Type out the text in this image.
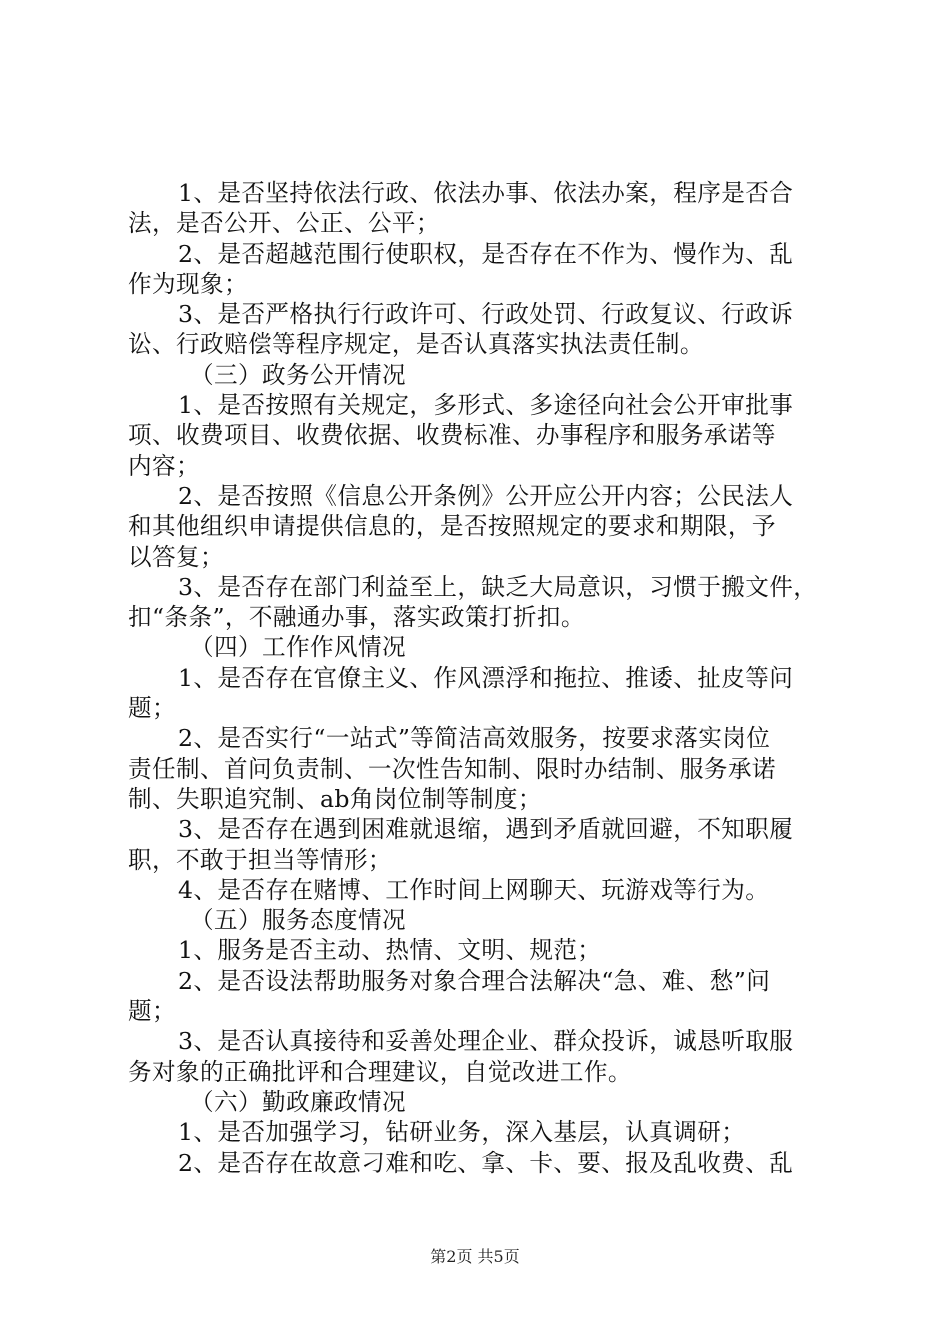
1、是否坚持依法行政、依法办事、依法办案，程序是否合
法，是否公开、公正、公平；
2、是否超越范围行使职权，是否存在不作为、慢作为、乱
作为现象；
3、是否严格执行行政许可、行政处罚、行政复议、行政诉
讼、行政赔偿等程序规定，是否认真落实执法责任制。
（三）政务公开情况
1、是否按照有关规定，多形式、多途径向社会公开审批事
项、收费项目、收费依据、收费标准、办事程序和服务承诺等
内容；
2、是否按照《信息公开条例》公开应公开内容；公民法人
和其他组织申请提供信息的，是否按照规定的要求和期限，予
以答复；
3、是否存在部门利益至上，缺乏大局意识，习惯于搬文件，
扣“条条”，不融通办事，落实政策打折扣。
（四）工作作风情况
1、是否存在官僚主义、作风漂浮和拖拉、推诿、扯皮等问
题；
2、是否实行“一站式”等简洁高效服务，按要求落实岗位
责任制、首问负责制、一次性告知制、限时办结制、服务承诺
制、失职追究制、ab角岗位制等制度；
3、是否存在遇到困难就退缩，遇到矛盾就回避，不知职履
职，不敢于担当等情形；
4、是否存在赌博、工作时间上网聊天、玩游戏等行为。
（五）服务态度情况
1、服务是否主动、热情、文明、规范；
2、是否设法帮助服务对象合理合法解决“急、难、愁”问
题；
3、是否认真接待和妥善处理企业、群众投诉，诚恳听取服
务对象的正确批评和合理建议，自觉改进工作。
（六）勤政廉政情况
1、是否加强学习，钻研业务，深入基层，认真调研；
2、是否存在故意刁难和吃、拿、卡、要、报及乱收费、乱
第2页 共5页
